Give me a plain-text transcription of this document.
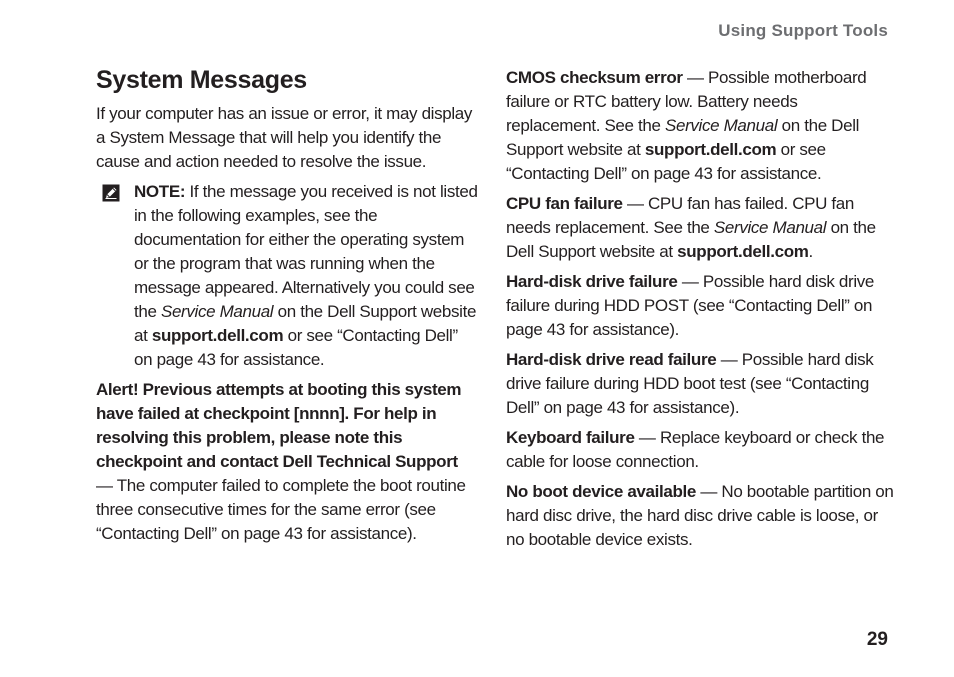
Using Support Tools
System Messages

If your computer has an issue or error, it may display a System Message that will help you identify the cause and action needed to resolve the issue.

NOTE: If the message you received is not listed in the following examples, see the documentation for either the operating system or the program that was running when the message appeared. Alternatively you could see the Service Manual on the Dell Support website at support.dell.com or see “Contacting Dell” on page 43 for assistance.

Alert! Previous attempts at booting this system have failed at checkpoint [nnnn]. For help in resolving this problem, please note this checkpoint and contact Dell Technical Support — The computer failed to complete the boot routine three consecutive times for the same error (see “Contacting Dell” on page 43 for assistance).

CMOS checksum error — Possible motherboard failure or RTC battery low. Battery needs replacement. See the Service Manual on the Dell Support website at support.dell.com or see “Contacting Dell” on page 43 for assistance.

CPU fan failure — CPU fan has failed. CPU fan needs replacement. See the Service Manual on the Dell Support website at support.dell.com.

Hard-disk drive failure — Possible hard disk drive failure during HDD POST (see “Contacting Dell” on page 43 for assistance).

Hard-disk drive read failure — Possible hard disk drive failure during HDD boot test (see “Contacting Dell” on page 43 for assistance).

Keyboard failure — Replace keyboard or check the cable for loose connection.

No boot device available — No bootable partition on hard disc drive, the hard disc drive cable is loose, or no bootable device exists.

29
